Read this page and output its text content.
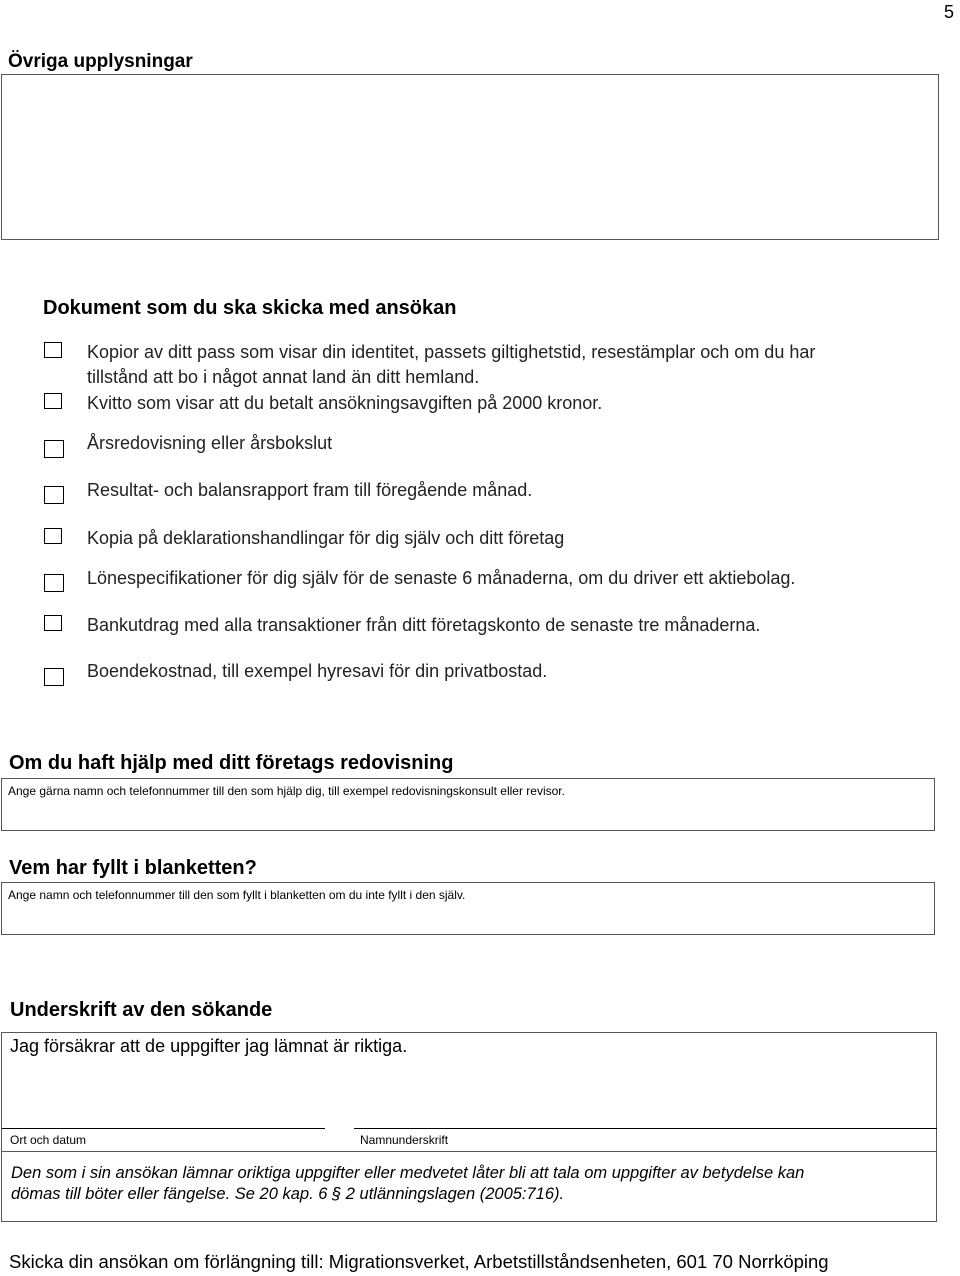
5
Övriga upplysningar
Dokument som du ska skicka med ansökan
Kopior av ditt pass som visar din identitet, passets giltighetstid, resestämplar och om du har
tillstånd att bo i något annat land än ditt hemland.
Kvitto som visar att du betalt ansökningsavgiften på 2000 kronor.
Årsredovisning eller årsbokslut
Resultat- och balansrapport fram till föregående månad.
Kopia på deklarationshandlingar för dig själv och ditt företag
Lönespecifikationer för dig själv för de senaste 6 månaderna, om du driver ett aktiebolag.
Bankutdrag med alla transaktioner från ditt företagskonto de senaste tre månaderna.
Boendekostnad, till exempel hyresavi för din privatbostad.
Om du haft hjälp med ditt företags redovisning
Ange gärna namn och telefonnummer till den som hjälp dig, till exempel redovisningskonsult eller revisor.
Vem har fyllt i blanketten?
Ange namn och telefonnummer till den som fyllt i blanketten om du inte fyllt i den själv.
Underskrift av den sökande
Jag försäkrar att de uppgifter jag lämnat är riktiga.
Ort och datum	Namnunderskrift
Den som i sin ansökan lämnar oriktiga uppgifter eller medvetet låter bli att tala om uppgifter av betydelse kan
dömas till böter eller fängelse. Se 20 kap. 6 § 2 utlänningslagen (2005:716).
Skicka din ansökan om förlängning till: Migrationsverket, Arbetstillståndsenheten, 601 70 Norrköping
